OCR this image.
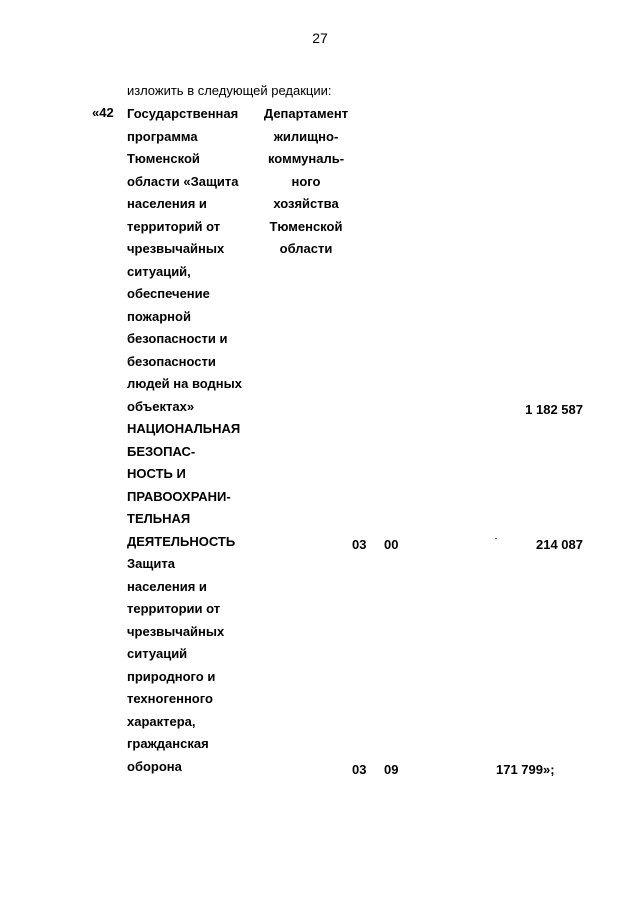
27
изложить в следующей редакции:
«42 Государственная
программа
Тюменской
области «Защита
населения и
территорий от
чрезвычайных
ситуаций,
обеспечение
пожарной
безопасности и
безопасности
людей на водных
объектах»
НАЦИОНАЛЬНАЯ
БЕЗОПАС-
НОСТЬ И
ПРАВООХРАНИ-
ТЕЛЬНАЯ
ДЕЯТЕЛЬНОСТЬ
Защита
населения и
территории от
чрезвычайных
ситуаций
природного и
техногенного
характера,
гражданская
оборона
Департамент
жилищно-
коммуналь-
ного
хозяйства
Тюменской
области
1 182 587
03 00	214 087
03 09	171 799»;
